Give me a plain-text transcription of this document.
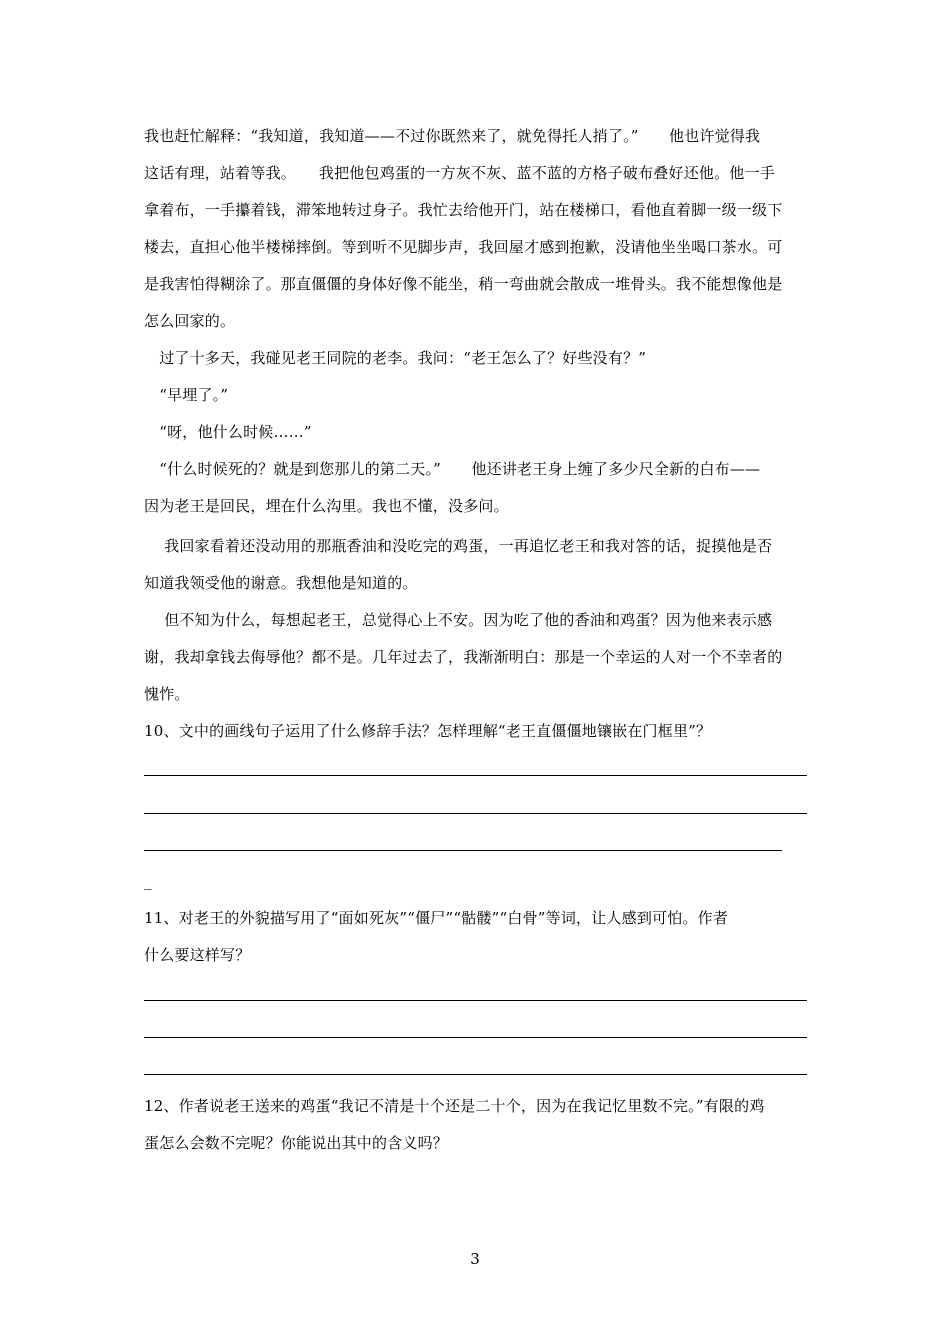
我也赶忙解释：“我知道，我知道——不过你既然来了，就免得托人捎了。”　　他也许觉得我
这话有理，站着等我。　　我把他包鸡蛋的一方灰不灰、蓝不蓝的方格子破布叠好还他。他一手
拿着布，一手攥着钱，滞笨地转过身子。我忙去给他开门，站在楼梯口，看他直着脚一级一级下
楼去，直担心他半楼梯摔倒。等到听不见脚步声，我回屋才感到抱歉，没请他坐坐喝口茶水。可
是我害怕得糊涂了。那直僵僵的身体好像不能坐，稍一弯曲就会散成一堆骨头。我不能想像他是
怎么回家的。
　过了十多天，我碰见老王同院的老李。我问：“老王怎么了？好些没有？”
　“早埋了。”
　“呀，他什么时候……”
　“什么时候死的？就是到您那儿的第二天。”　　他还讲老王身上缠了多少尺全新的白布——
因为老王是回民，埋在什么沟里。我也不懂，没多问。
　 我回家看着还没动用的那瓶香油和没吃完的鸡蛋，一再追忆老王和我对答的话，捉摸他是否
知道我领受他的谢意。我想他是知道的。
　 但不知为什么，每想起老王，总觉得心上不安。因为吃了他的香油和鸡蛋？因为他来表示感
谢，我却拿钱去侮辱他？都不是。几年过去了，我渐渐明白：那是一个幸运的人对一个不幸者的
愧怍。
10、文中的画线句子运用了什么修辞手法？怎样理解“老王直僵僵地镶嵌在门框里”？
_
11、对老王的外貌描写用了“面如死灰”“僵尸”“骷髅”“白骨”等词，让人感到可怕。作者
什么要这样写？
12、作者说老王送来的鸡蛋“我记不清是十个还是二十个，因为在我记忆里数不完。”有限的鸡
蛋怎么会数不完呢？你能说出其中的含义吗？
3
